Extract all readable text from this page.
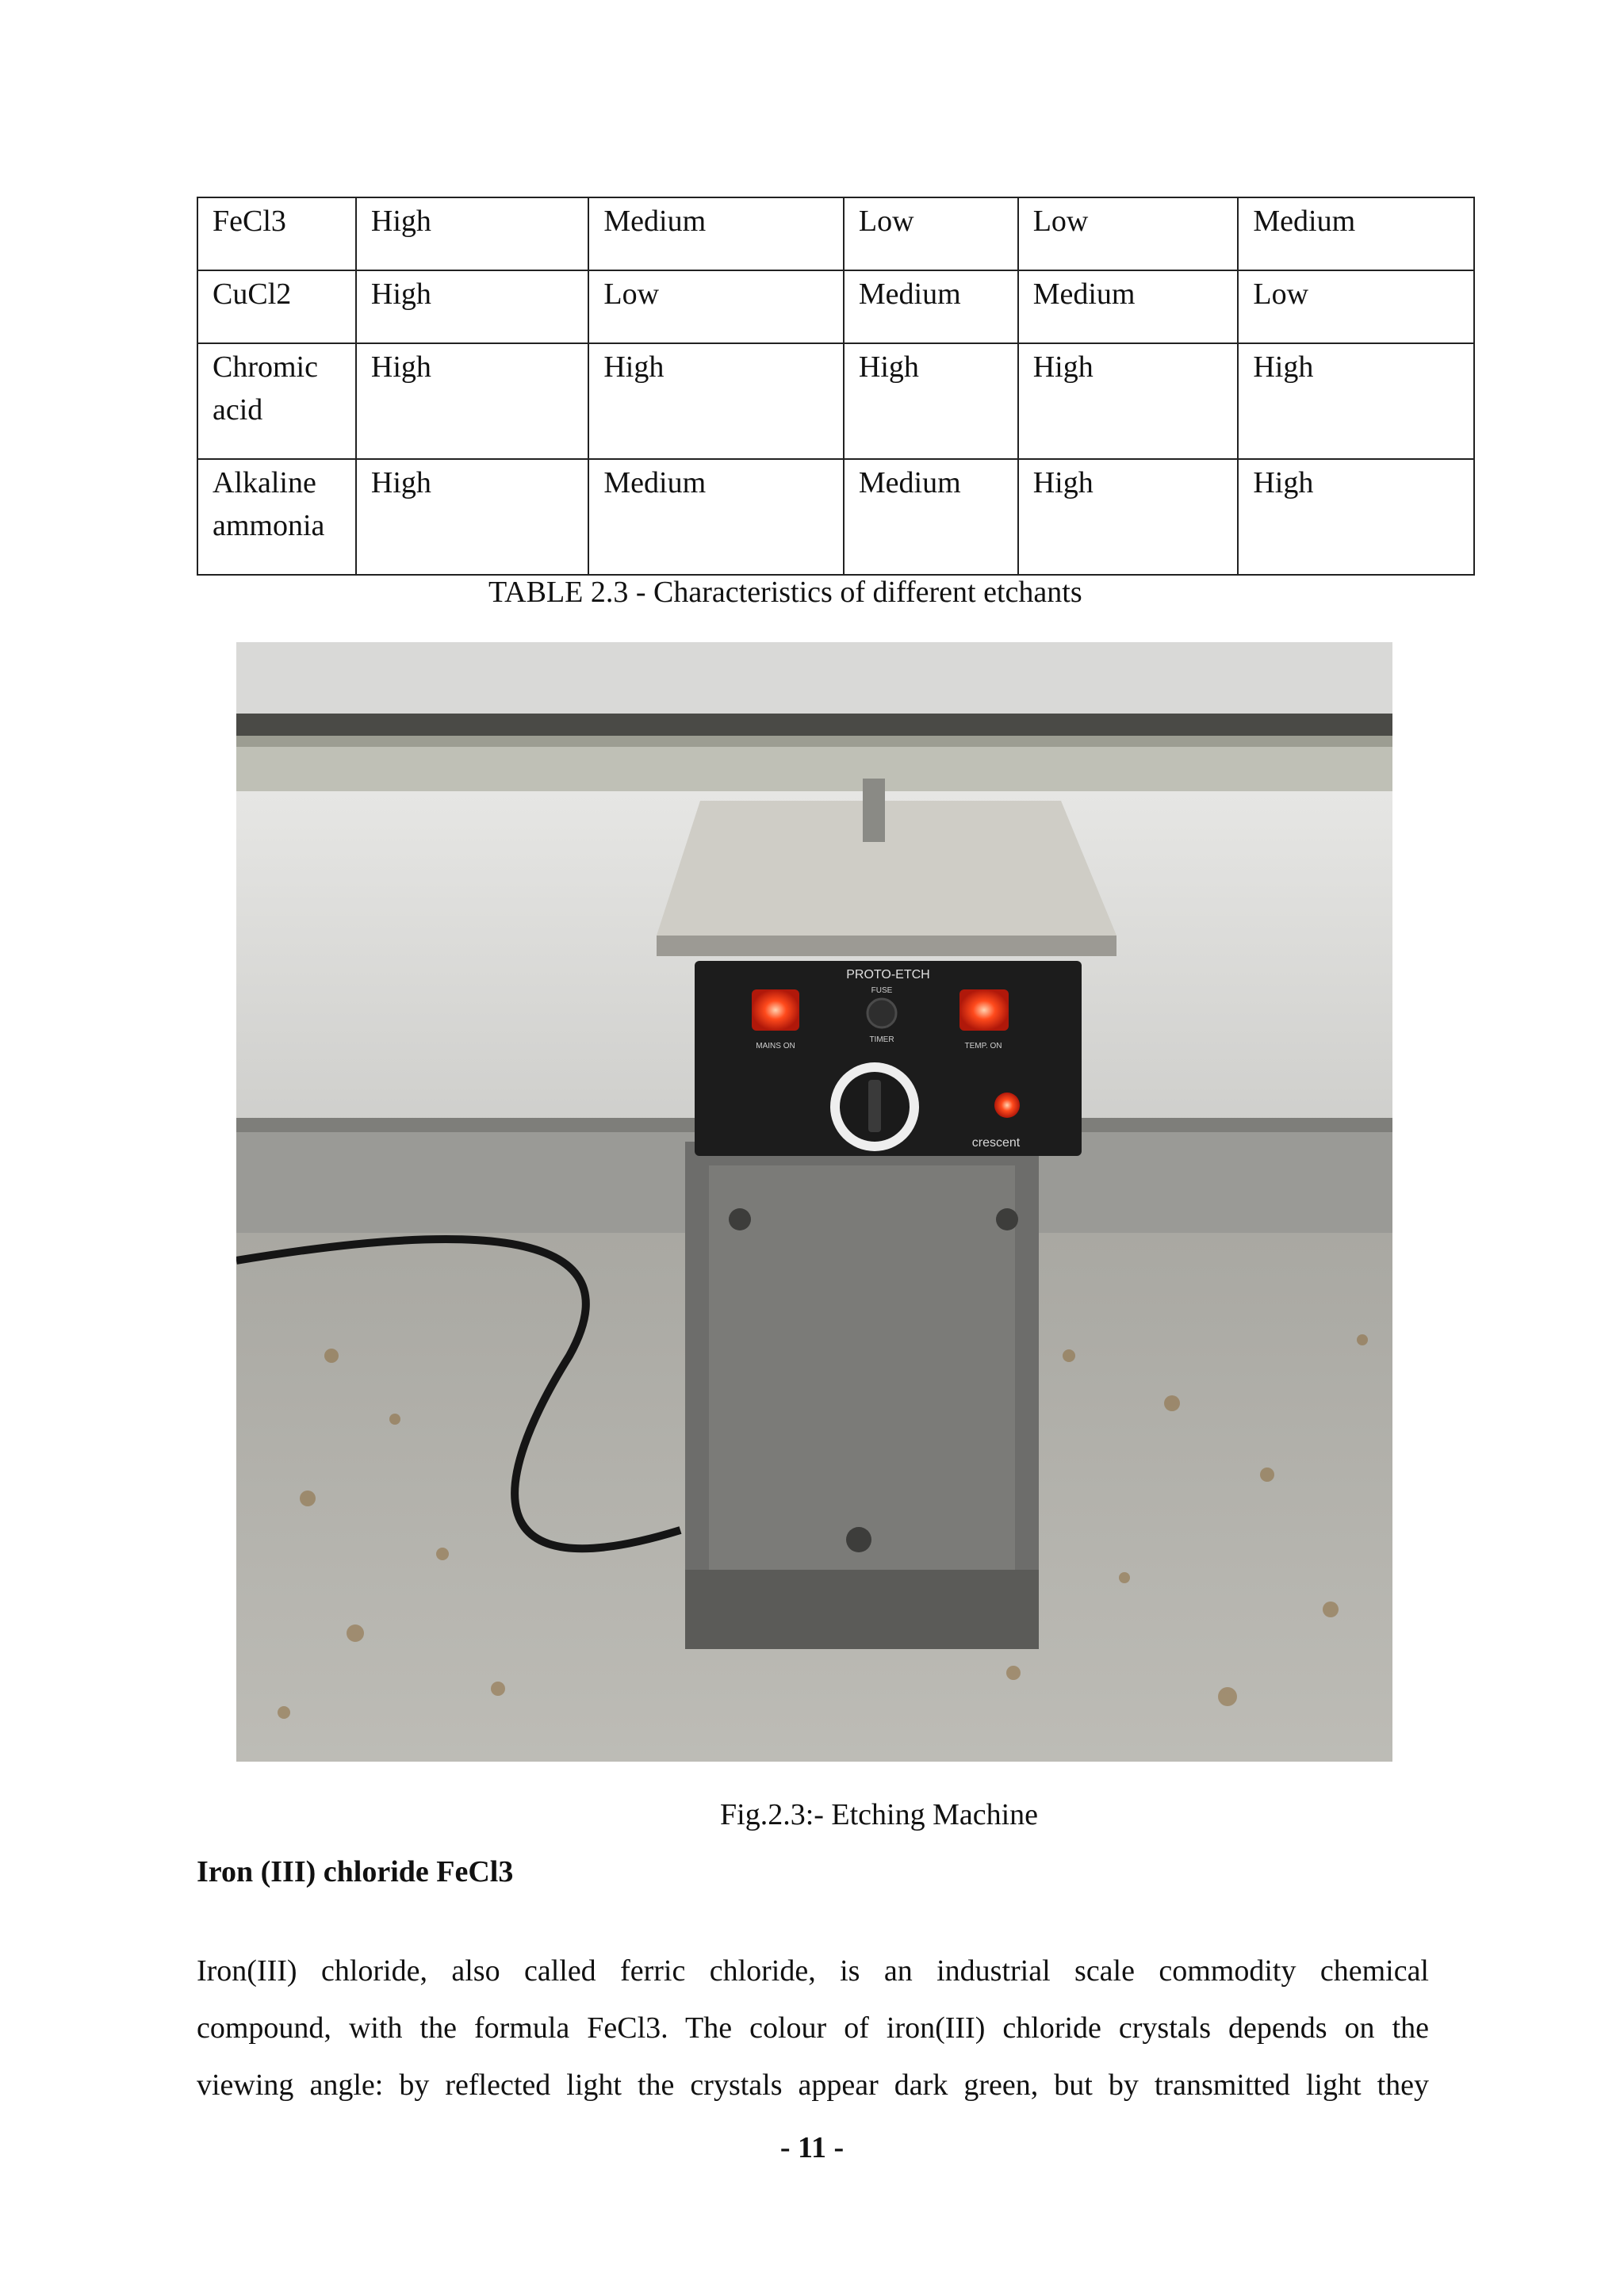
FeCl3	High	Medium	Low	Low	Medium
CuCl2	High	Low	Medium	Medium	Low
Chromic acid	High	High	High	High	High
Alkaline ammonia	High	Medium	Medium	High	High
TABLE 2.3 - Characteristics of different etchants
PROTO-ETCH
FUSE
MAINS ON
TIMER
TEMP. ON
crescent
Fig.2.3:- Etching Machine
Iron (III) chloride FeCl3
Iron(III) chloride, also called ferric chloride, is an industrial scale commodity chemical
compound, with the formula FeCl3. The colour of iron(III) chloride crystals depends on the
viewing angle: by reflected light the crystals appear dark green, but by transmitted light they
- 11 -
